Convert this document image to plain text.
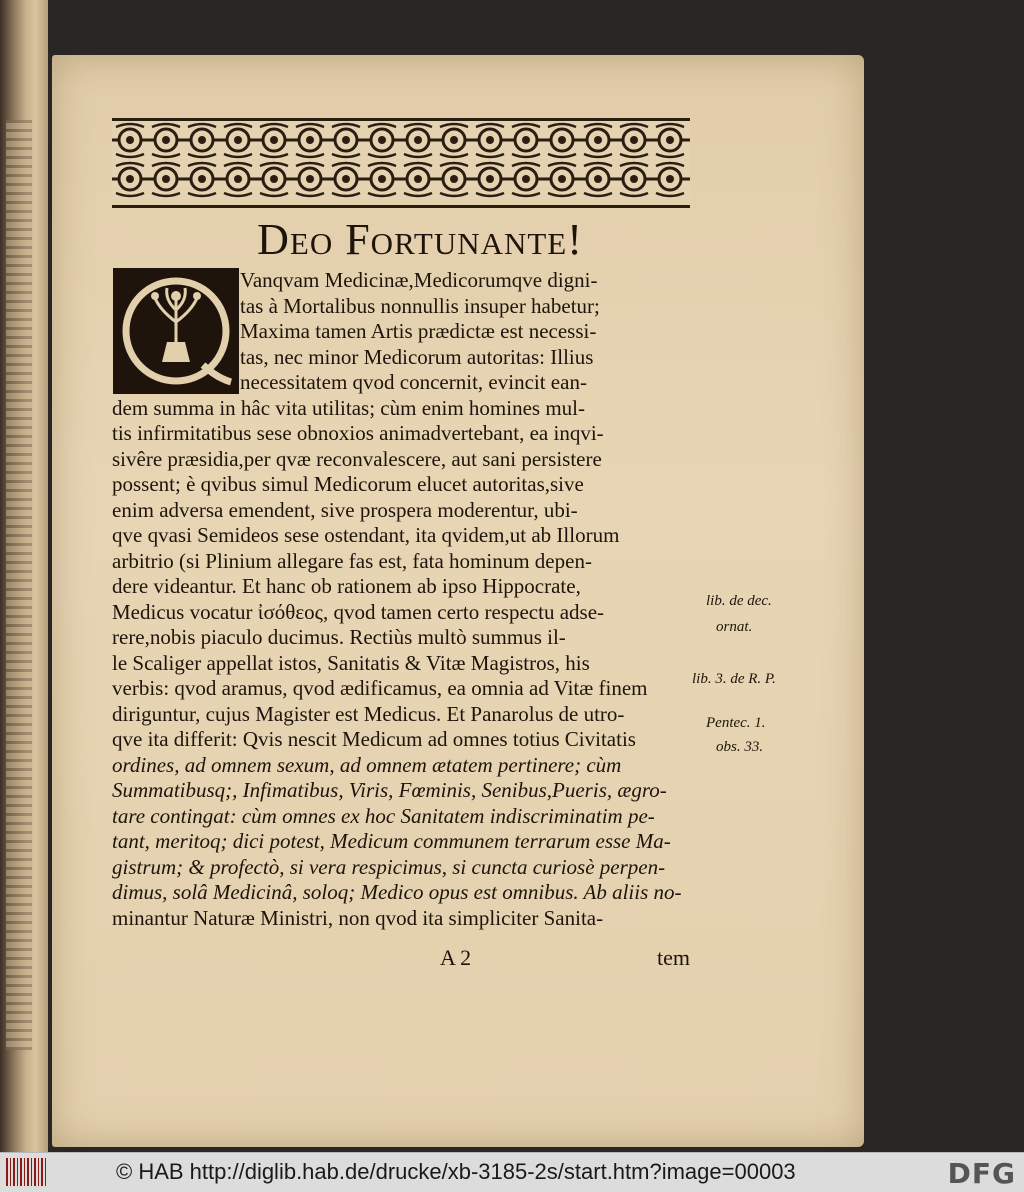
Deo Fortunante!
Vanqvam Medicinæ,Medicorumqve digni-
tas à Mortalibus nonnullis insuper habetur;
Maxima tamen Artis prædictæ est necessi-
tas, nec minor Medicorum autoritas: Illius
necessitatem qvod concernit, evincit ean-
dem summa in hâc vita utilitas; cùm enim homines mul-
tis infirmitatibus sese obnoxios animadvertebant, ea inqvi-
sivêre præsidia,per qvæ reconvalescere, aut sani persistere
possent; è qvibus simul Medicorum elucet autoritas,sive
enim adversa emendent, sive prospera moderentur, ubi-
qve qvasi Semideos sese ostendant, ita qvidem,ut ab Illorum
arbitrio (si Plinium allegare fas est, fata hominum depen-
dere videantur. Et hanc ob rationem ab ipso Hippocrate,
Medicus vocatur ἰσόθεος, qvod tamen certo respectu adse-
rere,nobis piaculo ducimus. Rectiùs multò summus il-
le Scaliger appellat istos, Sanitatis & Vitæ Magistros, his
verbis: qvod aramus, qvod ædificamus, ea omnia ad Vitæ finem
diriguntur, cujus Magister est Medicus. Et Panarolus de utro-
qve ita differit: Qvis nescit Medicum ad omnes totius Civitatis
ordines, ad omnem sexum, ad omnem ætatem pertinere; cùm
Summatibusq;, Infimatibus, Viris, Fœminis, Senibus,Pueris, ægro-
tare contingat: cùm omnes ex hoc Sanitatem indiscriminatim pe-
tant, meritoq; dici potest, Medicum communem terrarum esse Ma-
gistrum; & profectò, si vera respicimus, si cuncta curiosè perpen-
dimus, solâ Medicinâ, soloq; Medico opus est omnibus. Ab aliis no-
minantur Naturæ Ministri, non qvod ita simpliciter Sanita-
A 2	tem
lib. de dec.
ornat.
lib. 3. de R. P.
Pentec. 1.
obs. 33.
© HAB http://diglib.hab.de/drucke/xb-3185-2s/start.htm?image=00003	DFG
